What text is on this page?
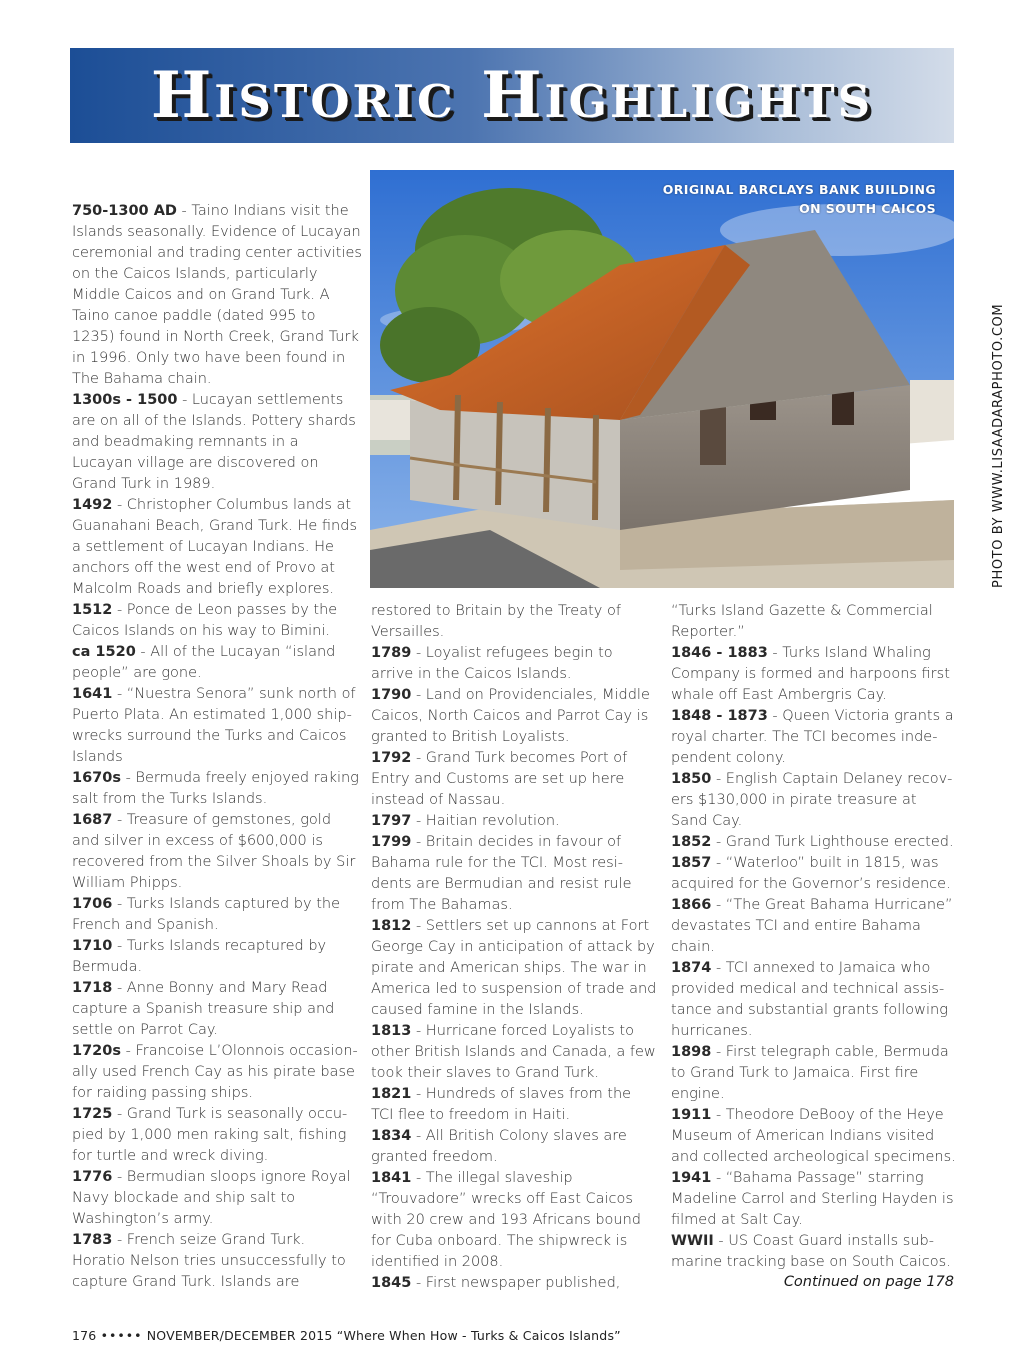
Historic Highlights
ORIGINAL BARCLAYS BANK BUILDING
ON SOUTH CAICOS
PHOTO BY WWW.LISAADARAPHOTO.COM
750-1300 AD - Taino Indians visit the Islands seasonally. Evidence of Lucayan ceremonial and trading center activities on the Caicos Islands, particularly Middle Caicos and on Grand Turk. A Taino canoe paddle (dated 995 to 1235) found in North Creek, Grand Turk in 1996. Only two have been found in The Bahama chain.
1300s - 1500 - Lucayan settlements are on all of the Islands. Pottery shards and beadmaking remnants in a Lucayan village are discovered on Grand Turk in 1989.
1492 - Christopher Columbus lands at Guanahani Beach, Grand Turk. He finds a settlement of Lucayan Indians. He anchors off the west end of Provo at Malcolm Roads and briefly explores.
1512 - Ponce de Leon passes by the Caicos Islands on his way to Bimini.
ca 1520 - All of the Lucayan “island people” are gone.
1641 - “Nuestra Senora” sunk north of Puerto Plata. An estimated 1,000 ship-wrecks surround the Turks and Caicos Islands
1670s - Bermuda freely enjoyed raking salt from the Turks Islands.
1687 - Treasure of gemstones, gold and silver in excess of $600,000 is recovered from the Silver Shoals by Sir William Phipps.
1706 - Turks Islands captured by the French and Spanish.
1710 - Turks Islands recaptured by Bermuda.
1718 - Anne Bonny and Mary Read capture a Spanish treasure ship and settle on Parrot Cay.
1720s - Francoise L’Olonnois occasion-ally used French Cay as his pirate base for raiding passing ships.
1725 - Grand Turk is seasonally occu-pied by 1,000 men raking salt, fishing for turtle and wreck diving.
1776 - Bermudian sloops ignore Royal Navy blockade and ship salt to Washington’s army.
1783 - French seize Grand Turk. Horatio Nelson tries unsuccessfully to capture Grand Turk. Islands are
restored to Britain by the Treaty of Versailles.
1789 - Loyalist refugees begin to arrive in the Caicos Islands.
1790 - Land on Providenciales, Middle Caicos, North Caicos and Parrot Cay is granted to British Loyalists.
1792 - Grand Turk becomes Port of Entry and Customs are set up here instead of Nassau.
1797 - Haitian revolution.
1799 - Britain decides in favour of Bahama rule for the TCI. Most resi-dents are Bermudian and resist rule from The Bahamas.
1812 - Settlers set up cannons at Fort George Cay in anticipation of attack by pirate and American ships. The war in America led to suspension of trade and caused famine in the Islands.
1813 - Hurricane forced Loyalists to other British Islands and Canada, a few took their slaves to Grand Turk.
1821 - Hundreds of slaves from the TCI flee to freedom in Haiti.
1834 - All British Colony slaves are granted freedom.
1841 - The illegal slaveship “Trouvadore” wrecks off East Caicos with 20 crew and 193 Africans bound for Cuba onboard. The shipwreck is identified in 2008.
1845 - First newspaper published,
“Turks Island Gazette & Commercial Reporter.”
1846 - 1883 - Turks Island Whaling Company is formed and harpoons first whale off East Ambergris Cay.
1848 - 1873 - Queen Victoria grants a royal charter. The TCI becomes inde-pendent colony.
1850 - English Captain Delaney recov-ers $130,000 in pirate treasure at Sand Cay.
1852 - Grand Turk Lighthouse erected.
1857 - “Waterloo” built in 1815, was acquired for the Governor’s residence.
1866 - “The Great Bahama Hurricane” devastates TCI and entire Bahama chain.
1874 - TCI annexed to Jamaica who provided medical and technical assis-tance and substantial grants following hurricanes.
1898 - First telegraph cable, Bermuda to Grand Turk to Jamaica. First fire engine.
1911 - Theodore DeBooy of the Heye Museum of American Indians visited and collected archeological specimens.
1941 - “Bahama Passage” starring Madeline Carrol and Sterling Hayden is filmed at Salt Cay.
WWII - US Coast Guard installs sub-marine tracking base on South Caicos.
Continued on page 178
176 ••••• NOVEMBER/DECEMBER 2015 “Where When How - Turks & Caicos Islands”
